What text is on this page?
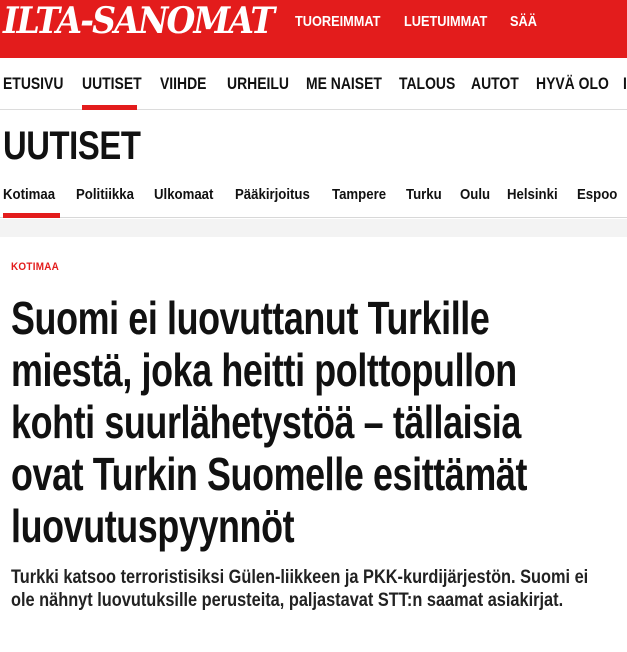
ILTA-SANOMAT TUOREIMMAT LUETUIMMAT SÄÄ
ETUSIVU UUTISET VIIHDE URHEILU ME NAISET TALOUS AUTOT HYVÄ OLO I
UUTISET
Kotimaa Politiikka Ulkomaat Pääkirjoitus Tampere Turku Oulu Helsinki Espoo
KOTIMAA
Suomi ei luovuttanut Turkille miestä, joka heitti polttopullon kohti suurlähetystöä – tällaisia ovat Turkin Suomelle esittämät luovutuspyynnöt

Turkki katsoo terroristisiksi Gülen-liikkeen ja PKK-kurdijärjestön. Suomi ei ole nähnyt luovutuksille perusteita, paljastavat STT:n saamat asiakirjat.
